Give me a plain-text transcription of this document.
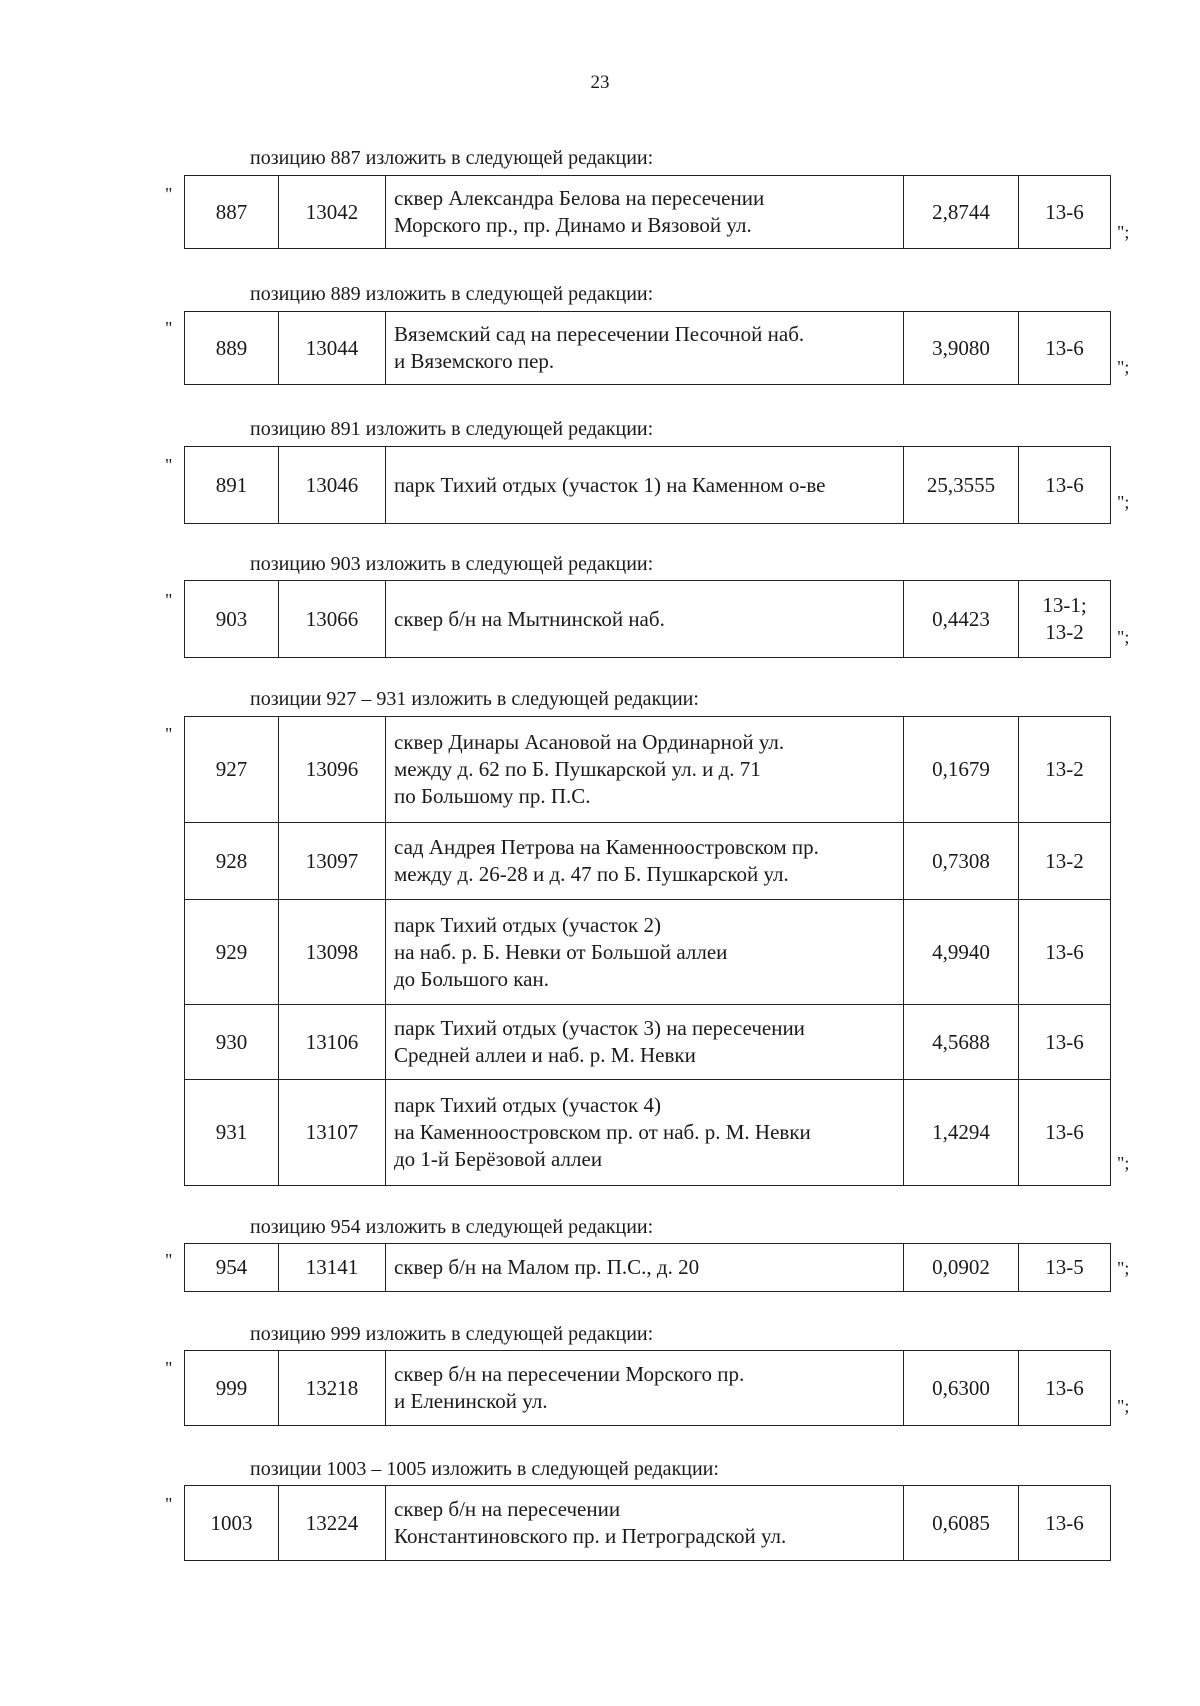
23
позицию 887 изложить в следующей редакции:
"
887	13042	сквер Александра Белова на пересечении
Морского пр., пр. Динамо и Вязовой ул.	2,8744	13-6
";
позицию 889 изложить в следующей редакции:
"
889	13044	Вяземский сад на пересечении Песочной наб.
и Вяземского пер.	3,9080	13-6
";
позицию 891 изложить в следующей редакции:
"
891	13046	парк Тихий отдых (участок 1) на Каменном о-ве	25,3555	13-6
";
позицию 903 изложить в следующей редакции:
"
903	13066	сквер б/н на Мытнинской наб.	0,4423	13-1;
13-2 ";
позиции 927 – 931 изложить в следующей редакции:
"
927	13096	сквер Динары Асановой на Ординарной ул.
между д. 62 по Б. Пушкарской ул. и д. 71
по Большому пр. П.С.	0,1679	13-2
928	13097	сад Андрея Петрова на Каменноостровском пр.
между д. 26-28 и д. 47 по Б. Пушкарской ул.	0,7308	13-2
929	13098	парк Тихий отдых (участок 2)
на наб. р. Б. Невки от Большой аллеи
до Большого кан.	4,9940	13-6
930	13106	парк Тихий отдых (участок 3) на пересечении
Средней аллеи и наб. р. М. Невки	4,5688	13-6
931	13107	парк Тихий отдых (участок 4)
на Каменноостровском пр. от наб. р. М. Невки
до 1-й Берёзовой аллеи	1,4294	13-6
";
позицию 954 изложить в следующей редакции:
" 954	13141	сквер б/н на Малом пр. П.С., д. 20	0,0902	13-5 ";
позицию 999 изложить в следующей редакции:
"
999	13218	сквер б/н на пересечении Морского пр.
и Еленинской ул.	0,6300	13-6
";
позиции 1003 – 1005 изложить в следующей редакции:
"
1003	13224	сквер б/н на пересечении
Константиновского пр. и Петроградской ул.	0,6085	13-6
